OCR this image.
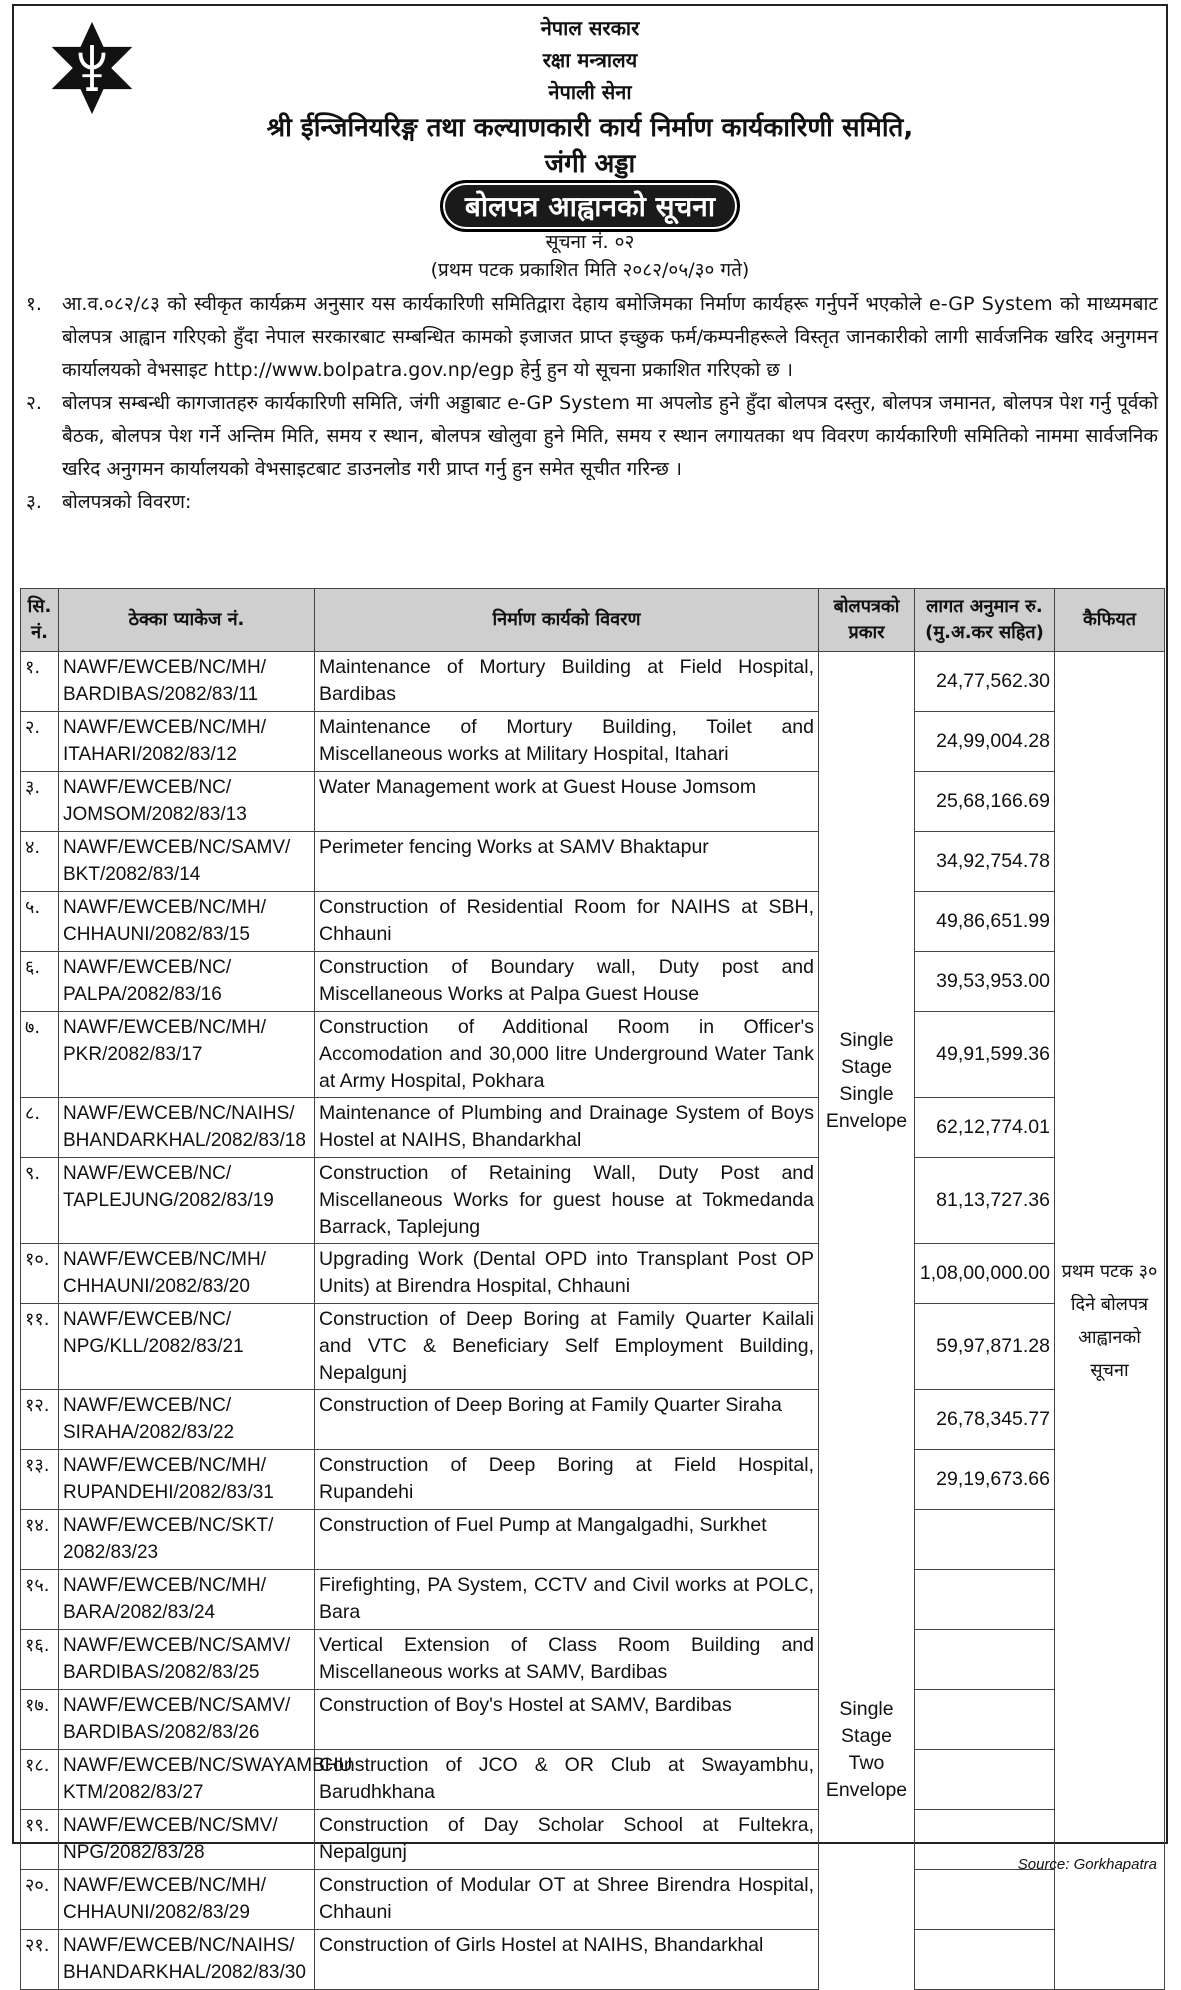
नेपाल सरकार
रक्षा मन्त्रालय
नेपाली सेना
श्री ईन्जिनियरिङ्ग तथा कल्याणकारी कार्य निर्माण कार्यकारिणी समिति,
जंगी अड्डा
बोलपत्र आह्वानको सूचना
सूचना नं. ०२
(प्रथम पटक प्रकाशित मिति २०८२/०५/३० गते)
१. आ.व.०८२/८३ को स्वीकृत कार्यक्रम अनुसार यस कार्यकारिणी समितिद्वारा देहाय बमोजिमका निर्माण कार्यहरू गर्नुपर्ने भएकोले e-GP System को माध्यमबाट बोलपत्र आह्वान गरिएको हुँदा नेपाल सरकारबाट सम्बन्धित कामको इजाजत प्राप्त इच्छुक फर्म/कम्पनीहरूले विस्तृत जानकारीको लागी सार्वजनिक खरिद अनुगमन कार्यालयको वेभसाइट http://www.bolpatra.gov.np/egp हेर्नु हुन यो सूचना प्रकाशित गरिएको छ ।
२. बोलपत्र सम्बन्धी कागजातहरु कार्यकारिणी समिति, जंगी अड्डाबाट e-GP System मा अपलोड हुने हुँदा बोलपत्र दस्तुर, बोलपत्र जमानत, बोलपत्र पेश गर्नु पूर्वको बैठक, बोलपत्र पेश गर्ने अन्तिम मिति, समय र स्थान, बोलपत्र खोलुवा हुने मिति, समय र स्थान लगायतका थप विवरण कार्यकारिणी समितिको नाममा सार्वजनिक खरिद अनुगमन कार्यालयको वेभसाइटबाट डाउनलोड गरी प्राप्त गर्नु हुन समेत सूचीत गरिन्छ ।
३. बोलपत्रको विवरण:
सि. नं.	ठेक्का प्याकेज नं.	निर्माण कार्यको विवरण	बोलपत्रको प्रकार	लागत अनुमान रु. (मु.अ.कर सहित)	कैफियत
१.	NAWF/EWCEB/NC/MH/ BARDIBAS/2082/83/11	Maintenance of Mortury Building at Field Hospital, Bardibas	Single Stage Single Envelope	24,77,562.30	प्रथम पटक ३० दिने बोलपत्र आह्वानको सूचना
२.	NAWF/EWCEB/NC/MH/ ITAHARI/2082/83/12	Maintenance of Mortury Building, Toilet and Miscellaneous works at Military Hospital, Itahari		24,99,004.28	
३.	NAWF/EWCEB/NC/ JOMSOM/2082/83/13	Water Management work at Guest House Jomsom		25,68,166.69	
४.	NAWF/EWCEB/NC/SAMV/ BKT/2082/83/14	Perimeter fencing Works at SAMV Bhaktapur		34,92,754.78	
५.	NAWF/EWCEB/NC/MH/ CHHAUNI/2082/83/15	Construction of Residential Room for NAIHS at SBH, Chhauni		49,86,651.99	
६.	NAWF/EWCEB/NC/ PALPA/2082/83/16	Construction of Boundary wall, Duty post and Miscellaneous Works at Palpa Guest House		39,53,953.00	
७.	NAWF/EWCEB/NC/MH/ PKR/2082/83/17	Construction of Additional Room in Officer's Accomodation and 30,000 litre Underground Water Tank at Army Hospital, Pokhara		49,91,599.36	
८.	NAWF/EWCEB/NC/NAIHS/ BHANDARKHAL/2082/83/18	Maintenance of Plumbing and Drainage System of Boys Hostel at NAIHS, Bhandarkhal		62,12,774.01	
९.	NAWF/EWCEB/NC/ TAPLEJUNG/2082/83/19	Construction of Retaining Wall, Duty Post and Miscellaneous Works for guest house at Tokmedanda Barrack, Taplejung		81,13,727.36	
१०.	NAWF/EWCEB/NC/MH/ CHHAUNI/2082/83/20	Upgrading Work (Dental OPD into Transplant Post OP Units) at Birendra Hospital, Chhauni		1,08,00,000.00	
११.	NAWF/EWCEB/NC/ NPG/KLL/2082/83/21	Construction of Deep Boring at Family Quarter Kailali and VTC & Beneficiary Self Employment Building, Nepalgunj		59,97,871.28	
१२.	NAWF/EWCEB/NC/ SIRAHA/2082/83/22	Construction of Deep Boring at Family Quarter Siraha		26,78,345.77	
१३.	NAWF/EWCEB/NC/MH/ RUPANDEHI/2082/83/31	Construction of Deep Boring at Field Hospital, Rupandehi		29,19,673.66	
१४.	NAWF/EWCEB/NC/SKT/ 2082/83/23	Construction of Fuel Pump at Mangalgadhi, Surkhet	Single Stage Two Envelope		
१५.	NAWF/EWCEB/NC/MH/ BARA/2082/83/24	Firefighting, PA System, CCTV and Civil works at POLC, Bara			
१६.	NAWF/EWCEB/NC/SAMV/ BARDIBAS/2082/83/25	Vertical Extension of Class Room Building and Miscellaneous works at SAMV, Bardibas			
१७.	NAWF/EWCEB/NC/SAMV/ BARDIBAS/2082/83/26	Construction of Boy's Hostel at SAMV, Bardibas			
१८.	NAWF/EWCEB/NC/SWAYAMBHU KTM/2082/83/27	Construction of JCO & OR Club at Swayambhu, Barudhkhana			
१९.	NAWF/EWCEB/NC/SMV/ NPG/2082/83/28	Construction of Day Scholar School at Fultekra, Nepalgunj			
२०.	NAWF/EWCEB/NC/MH/ CHHAUNI/2082/83/29	Construction of Modular OT at Shree Birendra Hospital, Chhauni			
२१.	NAWF/EWCEB/NC/NAIHS/ BHANDARKHAL/2082/83/30	Construction of Girls Hostel at NAIHS, Bhandarkhal			
Source: Gorkhapatra
